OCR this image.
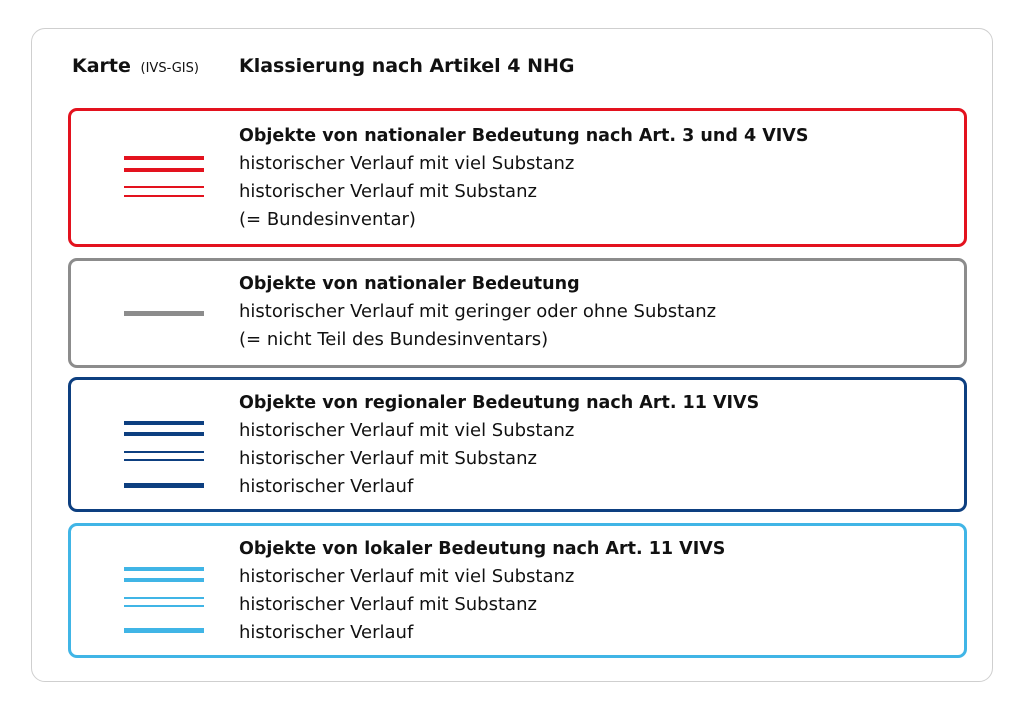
Karte (IVS-GIS) Klassierung nach Artikel 4 NHG
Objekte von nationaler Bedeutung nach Art. 3 und 4 VIVS
historischer Verlauf mit viel Substanz
historischer Verlauf mit Substanz
(= Bundesinventar)
Objekte von nationaler Bedeutung
historischer Verlauf mit geringer oder ohne Substanz
(= nicht Teil des Bundesinventars)
Objekte von regionaler Bedeutung nach Art. 11 VIVS
historischer Verlauf mit viel Substanz
historischer Verlauf mit Substanz
historischer Verlauf
Objekte von lokaler Bedeutung nach Art. 11 VIVS
historischer Verlauf mit viel Substanz
historischer Verlauf mit Substanz
historischer Verlauf
